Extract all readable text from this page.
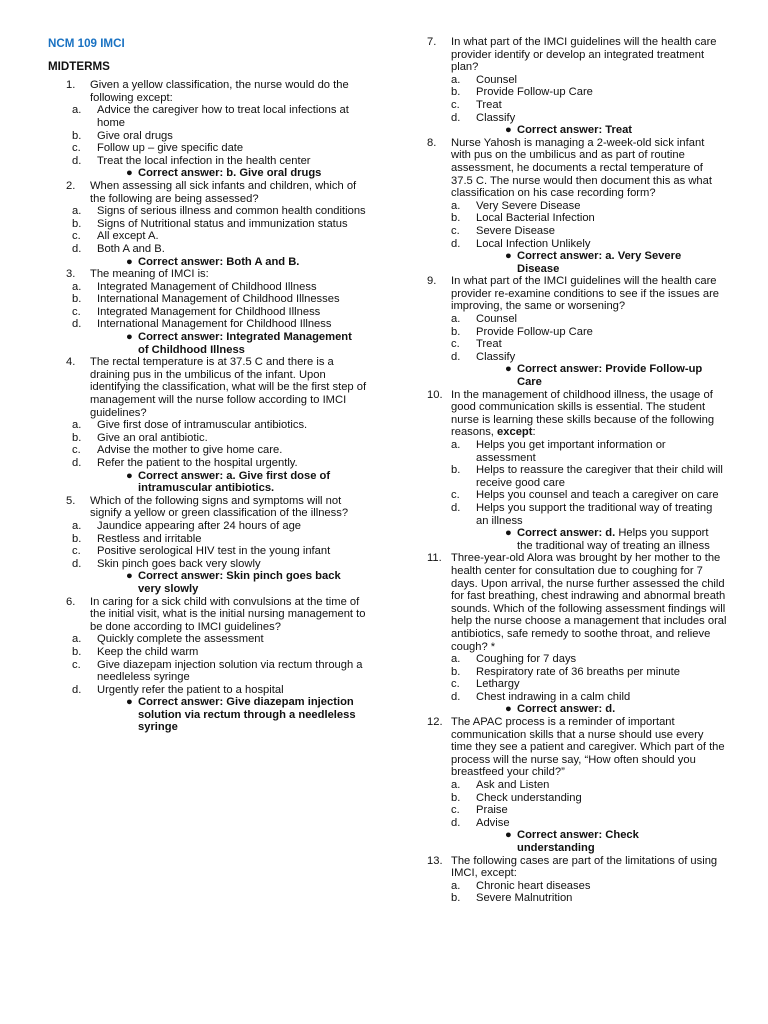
NCM 109 IMCI
MIDTERMS
1. Given a yellow classification, the nurse would do the following except:
a. Advice the caregiver how to treat local infections at home
b. Give oral drugs
c. Follow up – give specific date
d. Treat the local infection in the health center
● Correct answer: b. Give oral drugs
2. When assessing all sick infants and children, which of the following are being assessed?
a. Signs of serious illness and common health conditions
b. Signs of Nutritional status and immunization status
c. All except A.
d. Both A and B.
● Correct answer: Both A and B.
3. The meaning of IMCI is:
a. Integrated Management of Childhood Illness
b. International Management of Childhood Illnesses
c. Integrated Management for Childhood Illness
d. International Management for Childhood Illness
● Correct answer: Integrated Management of Childhood Illness
4. The rectal temperature is at 37.5 C and there is a draining pus in the umbilicus of the infant. Upon identifying the classification, what will be the first step of management will the nurse follow according to IMCI guidelines?
a. Give first dose of intramuscular antibiotics.
b. Give an oral antibiotic.
c. Advise the mother to give home care.
d. Refer the patient to the hospital urgently.
● Correct answer: a. Give first dose of intramuscular antibiotics.
5. Which of the following signs and symptoms will not signify a yellow or green classification of the illness?
a. Jaundice appearing after 24 hours of age
b. Restless and irritable
c. Positive serological HIV test in the young infant
d. Skin pinch goes back very slowly
● Correct answer: Skin pinch goes back very slowly
6. In caring for a sick child with convulsions at the time of the initial visit, what is the initial nursing management to be done according to IMCI guidelines?
a. Quickly complete the assessment
b. Keep the child warm
c. Give diazepam injection solution via rectum through a needleless syringe
d. Urgently refer the patient to a hospital
● Correct answer: Give diazepam injection solution via rectum through a needleless syringe
7. In what part of the IMCI guidelines will the health care provider identify or develop an integrated treatment plan?
a. Counsel
b. Provide Follow-up Care
c. Treat
d. Classify
● Correct answer: Treat
8. Nurse Yahosh is managing a 2-week-old sick infant with pus on the umbilicus and as part of routine assessment, he documents a rectal temperature of 37.5 C. The nurse would then document this as what classification on his case recording form?
a. Very Severe Disease
b. Local Bacterial Infection
c. Severe Disease
d. Local Infection Unlikely
● Correct answer: a. Very Severe Disease
9. In what part of the IMCI guidelines will the health care provider re-examine conditions to see if the issues are improving, the same or worsening?
a. Counsel
b. Provide Follow-up Care
c. Treat
d. Classify
● Correct answer: Provide Follow-up Care
10. In the management of childhood illness, the usage of good communication skills is essential. The student nurse is learning these skills because of the following reasons, except:
a. Helps you get important information or assessment
b. Helps to reassure the caregiver that their child will receive good care
c. Helps you counsel and teach a caregiver on care
d. Helps you support the traditional way of treating an illness
● Correct answer: d. Helps you support the traditional way of treating an illness
11. Three-year-old Alora was brought by her mother to the health center for consultation due to coughing for 7 days. Upon arrival, the nurse further assessed the child for fast breathing, chest indrawing and abnormal breath sounds. Which of the following assessment findings will help the nurse choose a management that includes oral antibiotics, safe remedy to soothe throat, and relieve cough? *
a. Coughing for 7 days
b. Respiratory rate of 36 breaths per minute
c. Lethargy
d. Chest indrawing in a calm child
● Correct answer: d.
12. The APAC process is a reminder of important communication skills that a nurse should use every time they see a patient and caregiver. Which part of the process will the nurse say, “How often should you breastfeed your child?”
a. Ask and Listen
b. Check understanding
c. Praise
d. Advise
● Correct answer: Check understanding
13. The following cases are part of the limitations of using IMCI, except:
a. Chronic heart diseases
b. Severe Malnutrition
